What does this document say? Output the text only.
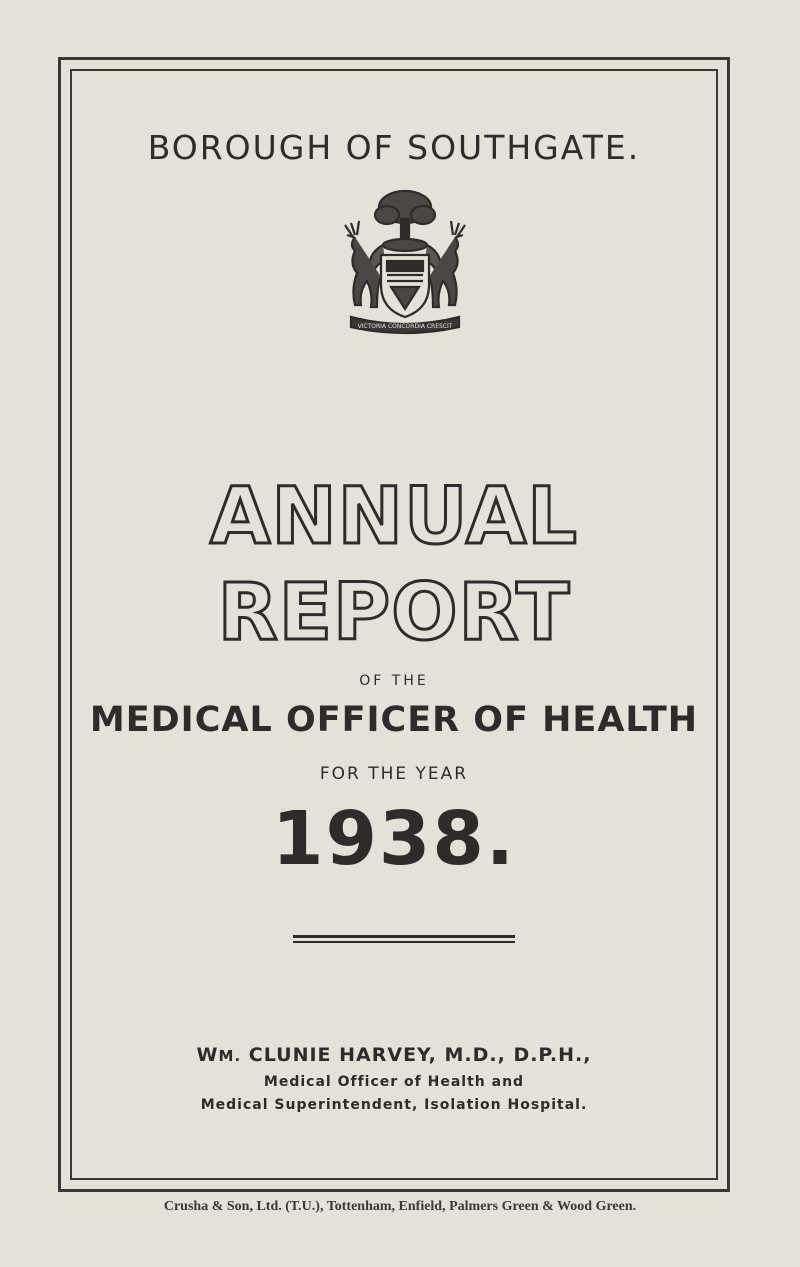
BOROUGH OF SOUTHGATE.
VICTORIA CONCORDIA CRESCIT
ANNUAL
REPORT
OF THE
MEDICAL OFFICER OF HEALTH
FOR THE YEAR
1938.
WM. CLUNIE HARVEY, M.D., D.P.H.,
Medical Officer of Health and
Medical Superintendent, Isolation Hospital.
Crusha & Son, Ltd. (T.U.), Tottenham, Enfield, Palmers Green & Wood Green.
